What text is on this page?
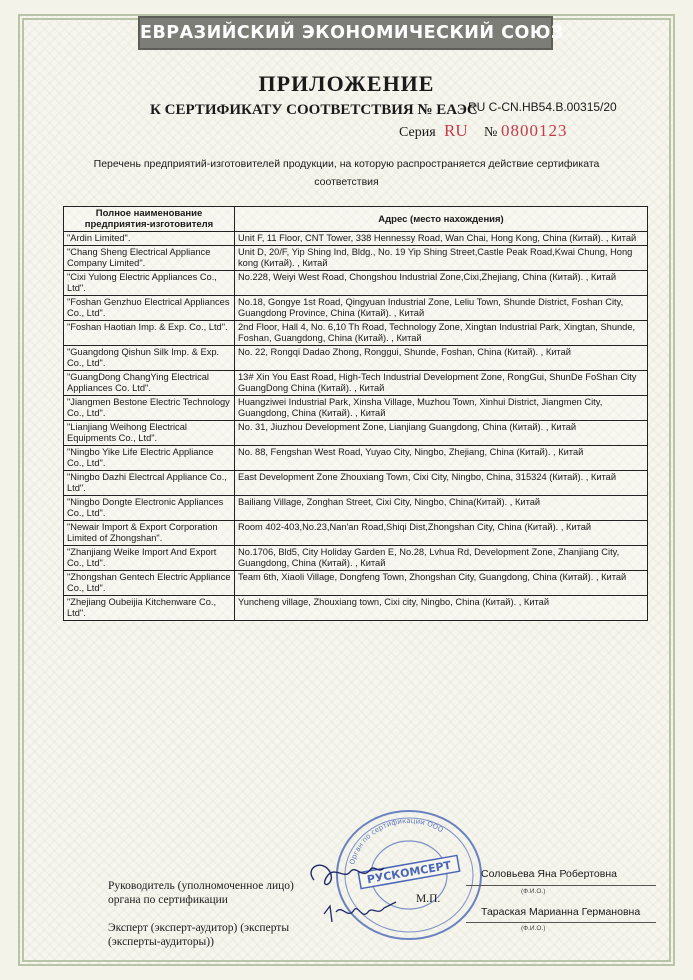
ЕВРАЗИЙСКИЙ ЭКОНОМИЧЕСКИЙ СОЮЗ
ПРИЛОЖЕНИЕ
К СЕРТИФИКАТУ СООТВЕТСТВИЯ № ЕАЭС
RU С-CN.НВ54.В.00315/20
Серия RU № 0800123
Перечень предприятий-изготовителей продукции, на которую распространяется действие сертификата соответствия
Полное наименование предприятия-изготовителя	Адрес (место нахождения)
"Ardin Limited".	Unit F, 11 Floor, CNT Tower, 338 Hennessy Road, Wan Chai, Hong Kong, China (Китай). , Китай
"Chang Sheng Electrical Appliance Company Limited".	Unit D, 20/F, Yip Shing Ind, Bldg., No. 19 Yip Shing Street,Castle Peak Road,Kwai Chung, Hong kong (Китай). , Китай
"Cixi Yulong Electric Appliances Co., Ltd".	No.228, Weiyi West Road, Chongshou Industrial Zone,Cixi,Zhejiang, China (Китай). , Китай
"Foshan Genzhuo Electrical Appliances Co., Ltd".	No.18, Gongye 1st Road, Qingyuan Industrial Zone, Leliu Town, Shunde District, Foshan City, Guangdong Province, China (Китай). , Китай
"Foshan Haotian Imp. & Exp. Co., Ltd".	2nd Floor, Hall 4, No. 6,10 Th Road, Technology Zone, Xingtan Industrial Park, Xingtan, Shunde, Foshan, Guangdong, China (Китай). , Китай
"Guangdong Qishun Silk Imp. & Exp. Co., Ltd".	No. 22, Rongqi Dadao Zhong, Ronggui, Shunde, Foshan, China (Китай). , Китай
"GuangDong ChangYing Electrical Appliances Co. Ltd".	13# Xin You East Road, High-Tech Industrial Development Zone, RongGui, ShunDe FoShan City GuangDong China (Китай). , Китай
"Jiangmen Bestone Electric Technology Co., Ltd".	Huangziwei Industrial Park, Xinsha Village, Muzhou Town, Xinhui District, Jiangmen City, Guangdong, China (Китай). , Китай
"Lianjiang Weihong Electrical Equipments Co., Ltd".	No. 31, Jiuzhou Development Zone, Lianjiang Guangdong, China (Китай). , Китай
"Ningbo Yike Life Electric Appliance Co., Ltd".	No. 88, Fengshan West Road, Yuyao City, Ningbo, Zhejiang, China (Китай). , Китай
"Ningbo Dazhi Electrcal Appliance Co., Ltd".	East Development Zone Zhouxiang Town, Cixi City, Ningbo, China, 315324 (Китай). , Китай
"Ningbo Dongte Electronic Appliances Co., Ltd".	Bailiang Village, Zonghan Street, Cixi City, Ningbo, China(Китай). , Китай
"Newair Import & Export Corporation Limited of Zhongshan".	Room 402-403,No.23,Nan'an Road,Shiqi Dist,Zhongshan City, China (Китай). , Китай
"Zhanjiang Weike Import And Export Co., Ltd".	No.1706, Bld5, City Holiday Garden E, No.28, Lvhua Rd, Development Zone, Zhanjiang City, Guangdong, China (Китай). , Китай
"Zhongshan Gentech Electric Appliance Co., Ltd".	Team 6th, Xiaoli Village, Dongfeng Town, Zhongshan City, Guangdong, China (Китай). , Китай
"Zhejiang Oubeijia Kitchenware Co., Ltd".	Yuncheng village, Zhouxiang town, Cixi city, Ningbo, China (Китай). , Китай
Орган по сертификации ООО
РУСКОМСЕРТ
Руководитель (уполномоченное лицо) органа по сертификации
Эксперт (эксперт-аудитор) (эксперты (эксперты-аудиторы))
М.П.
Соловьева Яна Робертовна
(Ф.И.О.)
Тараская Марианна Германовна
(Ф.И.О.)
